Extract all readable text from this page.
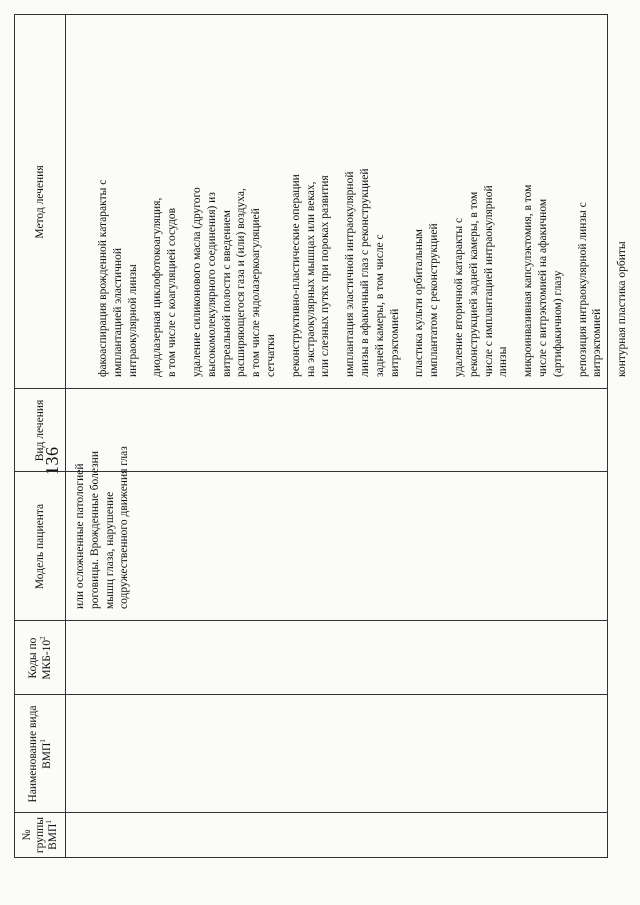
136
№ группы ВМП$^1$
Наименование вида ВМП$^1$
Коды по МКБ-$10^2$
Модель пациента
Вид лечения
Метод лечения
или осложненные патологией роговицы. Врожденные болезни мышц глаза, нарушение содружественного движения глаз
факоаспирация врожденной катаракты с имплантацией эластичной интраокулярной линзы диодлазерная циклофотокоагуляция, в том числе с коагуляцией сосудов удаление силиконового масла (другого высокомолекулярного соединения) из витреальной полости с введением расширяющегося газа и (или) воздуха, в том числе эндолазеркоагуляцией сетчатки реконструктивно-пластические операции на экстраокулярных мышцах или веках, или слезных путях при пороках развития имплантация эластичной интраокулярной линзы в афакичный глаз с реконструкцией задней камеры, в том числе с витрэктомией пластика культи орбитальным имплантатом с реконструкцией удаление вторичной катаракты с реконструкцией задней камеры, в том числе с имплантацией интраокулярной линзы микроинвазивная капсулэктомия, в том числе с витрэктомией на афакичном (артифакичном) глазу репозиция интраокулярной линзы с витрэктомией контурная пластика орбиты
